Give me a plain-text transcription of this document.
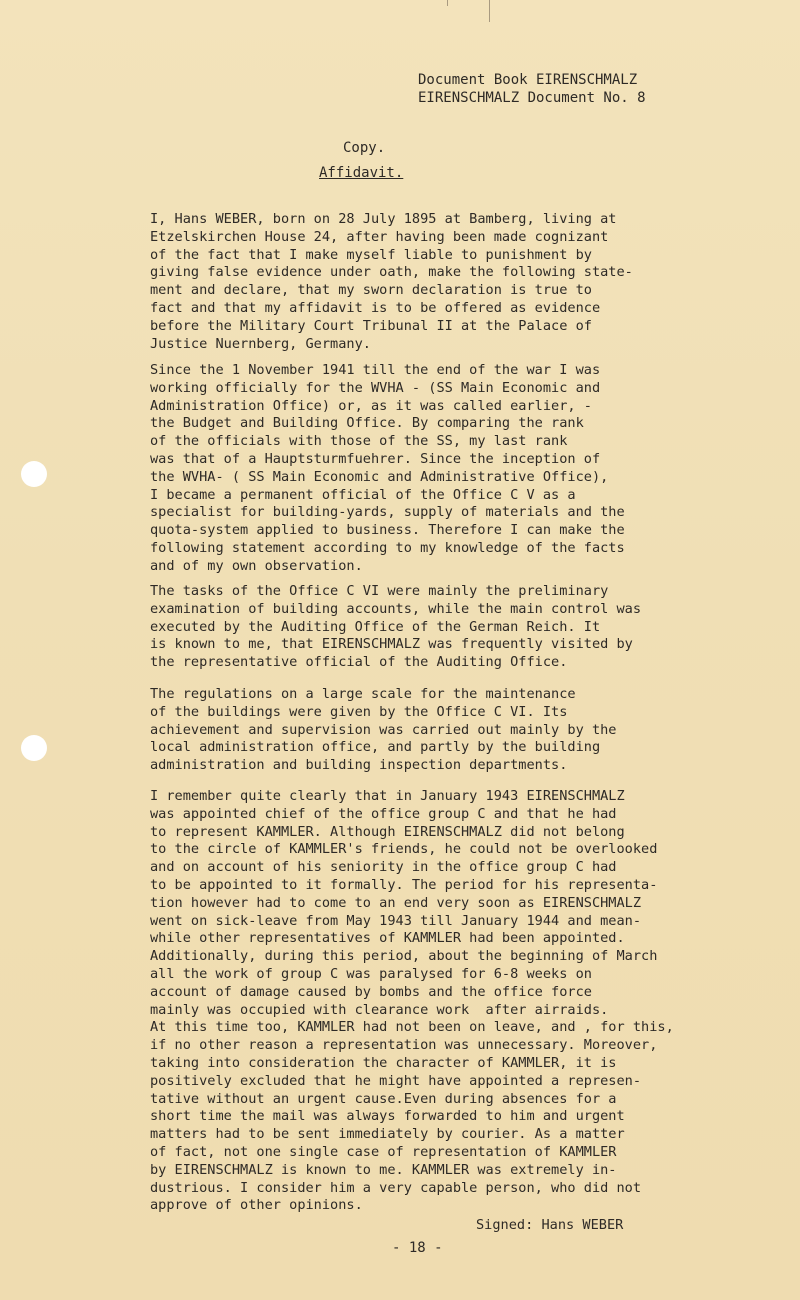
Document Book EIRENSCHMALZ
EIRENSCHMALZ Document No. 8
Copy.
Affidavit.
I, Hans WEBER, born on 28 July 1895 at Bamberg, living at
Etzelskirchen House 24, after having been made cognizant
of the fact that I make myself liable to punishment by
giving false evidence under oath, make the following state-
ment and declare, that my sworn declaration is true to
fact and that my affidavit is to be offered as evidence
before the Military Court Tribunal II at the Palace of
Justice Nuernberg, Germany.
Since the 1 November 1941 till the end of the war I was
working officially for the WVHA - (SS Main Economic and
Administration Office) or, as it was called earlier, -
the Budget and Building Office. By comparing the rank
of the officials with those of the SS, my last rank
was that of a Hauptsturmfuehrer. Since the inception of
the WVHA- ( SS Main Economic and Administrative Office),
I became a permanent official of the Office C V as a
specialist for building-yards, supply of materials and the
quota-system applied to business. Therefore I can make the
following statement according to my knowledge of the facts
and of my own observation.
The tasks of the Office C VI were mainly the preliminary
examination of building accounts, while the main control was
executed by the Auditing Office of the German Reich. It
is known to me, that EIRENSCHMALZ was frequently visited by
the representative official of the Auditing Office.
The regulations on a large scale for the maintenance
of the buildings were given by the Office C VI. Its
achievement and supervision was carried out mainly by the
local administration office, and partly by the building
administration and building inspection departments.
I remember quite clearly that in January 1943 EIRENSCHMALZ
was appointed chief of the office group C and that he had
to represent KAMMLER. Although EIRENSCHMALZ did not belong
to the circle of KAMMLER's friends, he could not be overlooked
and on account of his seniority in the office group C had
to be appointed to it formally. The period for his representa-
tion however had to come to an end very soon as EIRENSCHMALZ
went on sick-leave from May 1943 till January 1944 and mean-
while other representatives of KAMMLER had been appointed.
Additionally, during this period, about the beginning of March
all the work of group C was paralysed for 6-8 weeks on
account of damage caused by bombs and the office force
mainly was occupied with clearance work  after airraids.
At this time too, KAMMLER had not been on leave, and , for this,
if no other reason a representation was unnecessary. Moreover,
taking into consideration the character of KAMMLER, it is
positively excluded that he might have appointed a represen-
tative without an urgent cause.Even during absences for a
short time the mail was always forwarded to him and urgent
matters had to be sent immediately by courier. As a matter
of fact, not one single case of representation of KAMMLER
by EIRENSCHMALZ is known to me. KAMMLER was extremely in-
dustrious. I consider him a very capable person, who did not
approve of other opinions.
Signed: Hans WEBER
- 18 -
